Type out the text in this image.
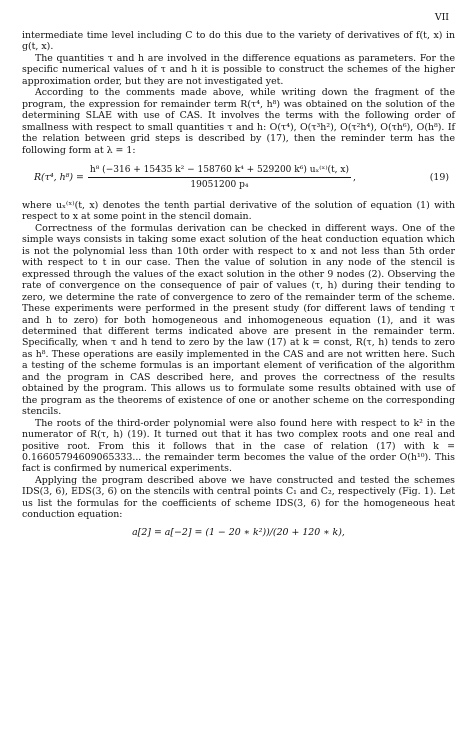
VII

intermediate time level including C to do this due to the variety of derivatives of f(t, x) in g(t, x).

The quantities τ and h are involved in the difference equations as parameters. For the specific numerical values of τ and h it is possible to construct the schemes of the higher approximation order, but they are not investigated yet.

According to the comments made above, while writing down the fragment of the program, the expression for remainder term R(τ⁴, h⁸) was obtained on the solution of the determining SLAE with use of CAS. It involves the terms with the following order of smallness with respect to small quantities τ and h: O(τ⁴), O(τ³h²), O(τ²h⁴), O(τh⁶), O(h⁸). If the relation between grid steps is described by (17), then the reminder term has the following form at λ = 1:

R(τ⁴, $h^8) = \frac{\text{h⁸ (−316 + 15435 k² − 158760 k⁴ + 529200 k⁶) uₓ⁽ˣ⁾(t, x)}}{\text{19051200 p₄}}$ ,	(19)

where uₓ⁽ˣ⁾(t, x) denotes the tenth partial derivative of the solution of equation (1) with respect to x at some point in the stencil domain.

Correctness of the formulas derivation can be checked in different ways. One of the simple ways consists in taking some exact solution of the heat conduction equation which is not the polynomial less than 10th order with respect to x and not less than 5th order with respect to t in our case. Then the value of solution in any node of the stencil is expressed through the values of the exact solution in the other 9 nodes (2). Observing the rate of convergence on the consequence of pair of values (τ, h) during their tending to zero, we determine the rate of convergence to zero of the remainder term of the scheme. These experiments were performed in the present study (for different laws of tending τ and h to zero) for both homogeneous and inhomogeneous equation (1), and it was determined that different terms indicated above are present in the remainder term. Specifically, when τ and h tend to zero by the law (17) at k = const, R(τ, h) tends to zero as h⁸. These operations are easily implemented in the CAS and are not written here. Such a testing of the scheme formulas is an important element of verification of the algorithm and the program in CAS described here, and proves the correctness of the results obtained by the program. This allows us to formulate some results obtained with use of the program as the theorems of existence of one or another scheme on the corresponding stencils.

The roots of the third-order polynomial were also found here with respect to k² in the numerator of R(τ, h) (19). It turned out that it has two complex roots and one real and positive root. From this it follows that in the case of relation (17) with k = 0.16605794609065333... the remainder term becomes the value of the order O(h¹⁰). This fact is confirmed by numerical experiments.

Applying the program described above we have constructed and tested the schemes IDS(3, 6), EDS(3, 6) on the stencils with central points C₁ and C₂, respectively (Fig. 1). Let us list the formulas for the coefficients of scheme IDS(3, 6) for the homogeneous heat conduction equation:

a[2] = a[−2] = (1 − 20 ∗ k²))/(20 + 120 ∗ k),
